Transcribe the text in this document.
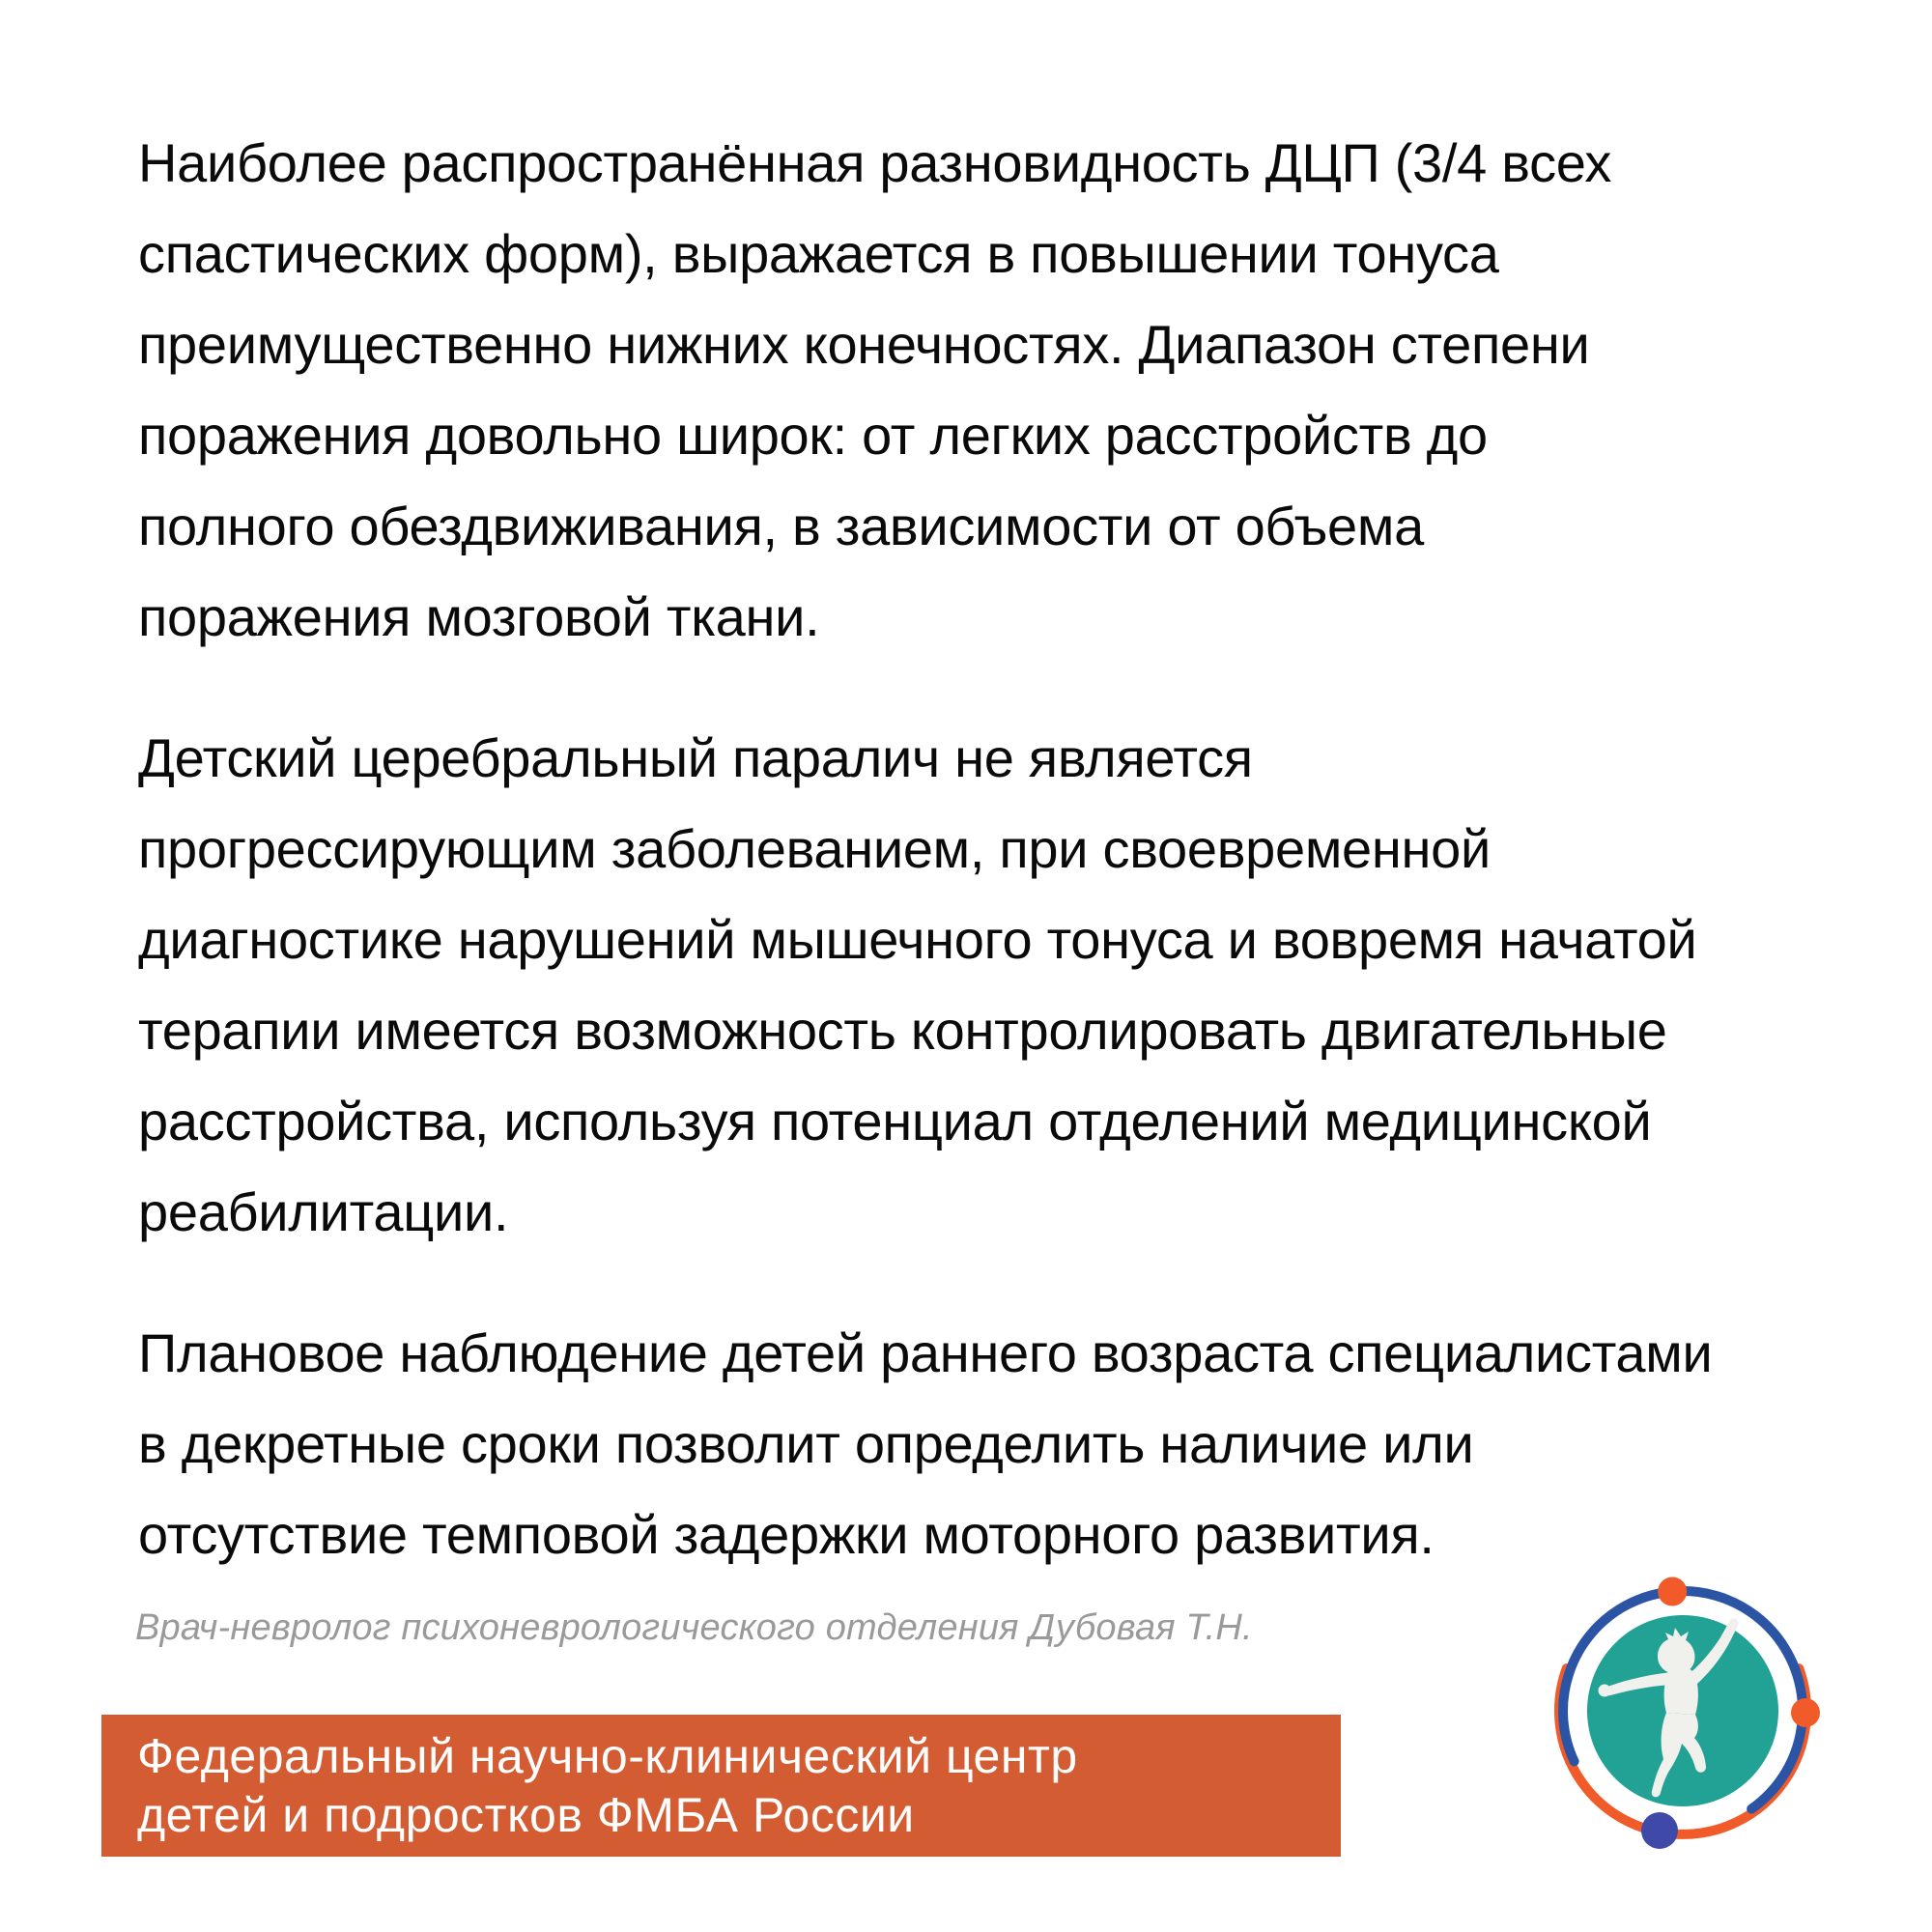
Наиболее распространённая разновидность ДЦП (3/4 всех
спастических форм), выражается в повышении тонуса
преимущественно нижних конечностях. Диапазон степени
поражения довольно широк: от легких расстройств до
полного обездвиживания, в зависимости от объема
поражения мозговой ткани.
Детский церебральный паралич не является
прогрессирующим заболеванием, при своевременной
диагностике нарушений мышечного тонуса и вовремя начатой
терапии имеется возможность контролировать двигательные
расстройства, используя потенциал отделений медицинской
реабилитации.
Плановое наблюдение детей раннего возраста специалистами
в декретные сроки позволит определить наличие или
отсутствие темповой задержки моторного развития.
Врач-невролог психоневрологического отделения Дубовая Т.Н.
Федеральный научно-клинический центр
детей и подростков ФМБА России
